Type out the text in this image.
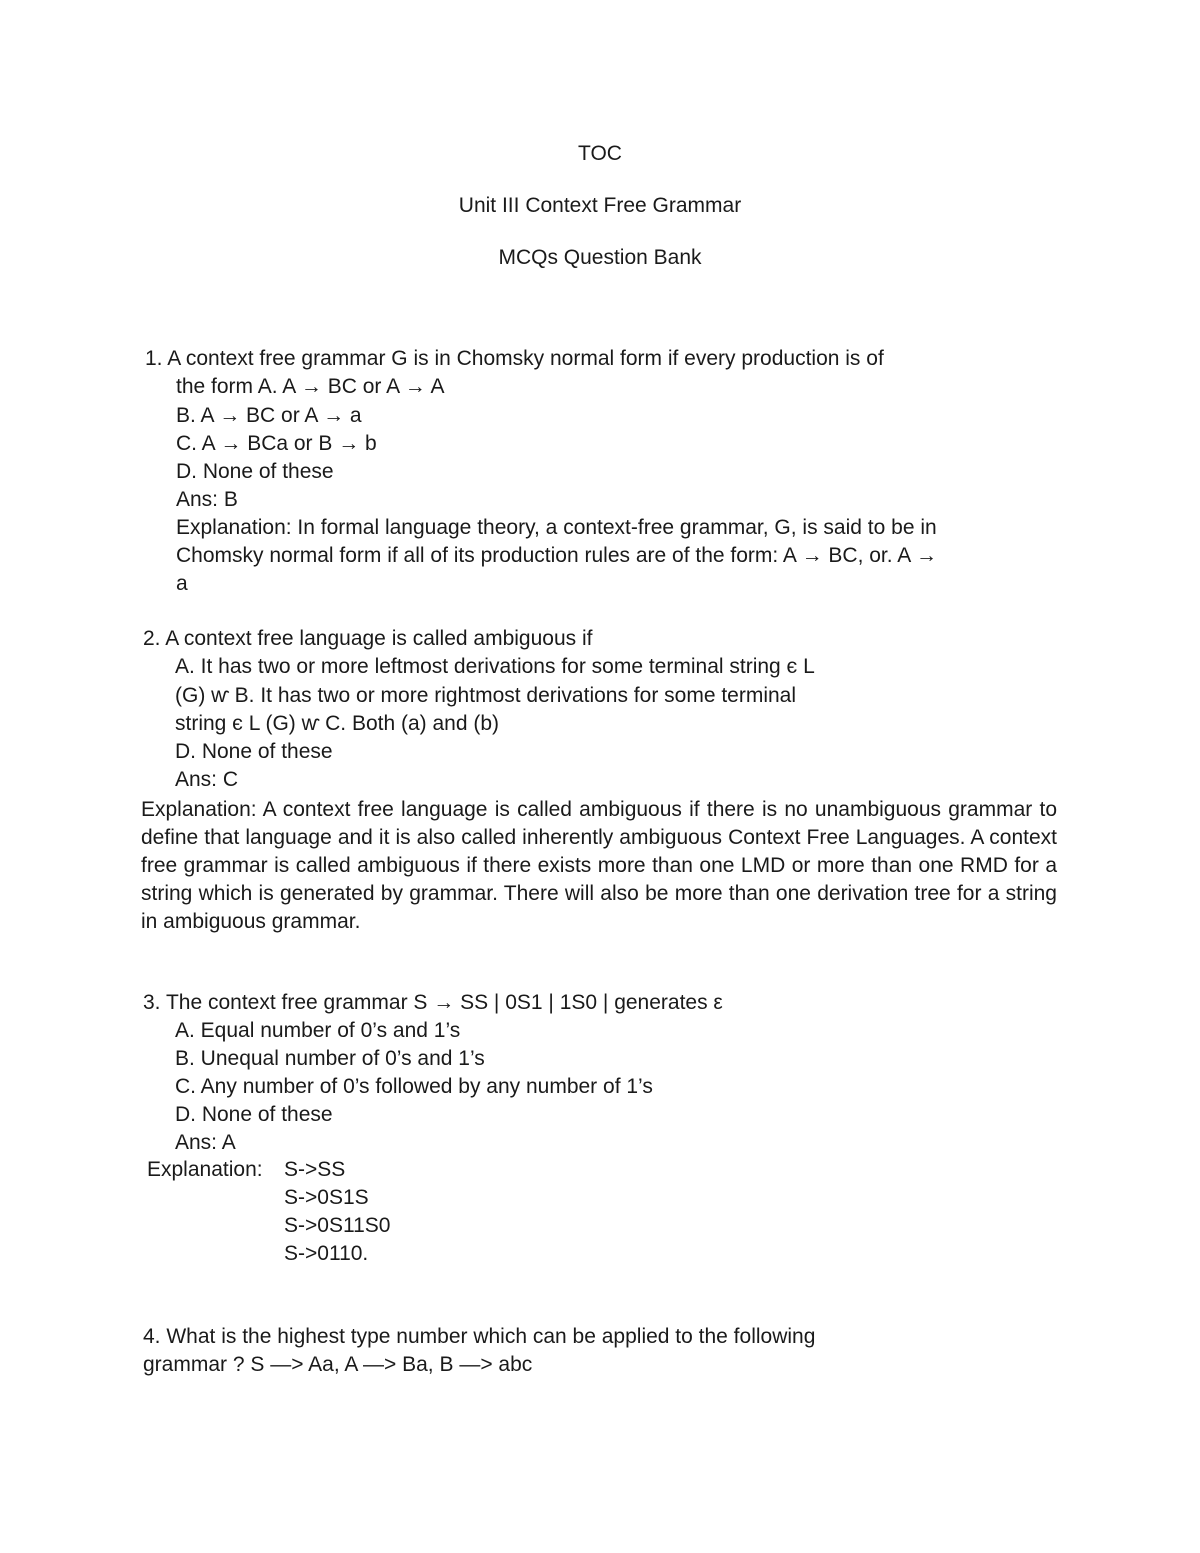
TOC
Unit III Context Free Grammar
MCQs Question Bank
1. A context free grammar G is in Chomsky normal form if every production is of
the form A. A → BC or A → A
B. A → BC or A → a
C. A → BCa or B → b
D. None of these
Ans: B
Explanation: In formal language theory, a context-free grammar, G, is said to be in
Chomsky normal form if all of its production rules are of the form: A → BC, or. A →
a
2. A context free language is called ambiguous if
A. It has two or more leftmost derivations for some terminal string є L
(G) ⱳ B. It has two or more rightmost derivations for some terminal
string є L (G) ⱳ C. Both (a) and (b)
D. None of these
Ans: C
Explanation: A context free language is called ambiguous if there is no unambiguous grammar to define that language and it is also called inherently ambiguous Context Free Languages. A context free grammar is called ambiguous if there exists more than one LMD or more than one RMD for a string which is generated by grammar. There will also be more than one derivation tree for a string in ambiguous grammar.
3. The context free grammar S → SS | 0S1 | 1S0 | generates ε
A. Equal number of 0’s and 1’s
B. Unequal number of 0’s and 1’s
C. Any number of 0’s followed by any number of 1’s
D. None of these
Ans: A
Explanation: S->SS
S->0S1S
S->0S11S0
S->0110.
4. What is the highest type number which can be applied to the following
grammar ? S —> Aa, A —> Ba, B —> abc
